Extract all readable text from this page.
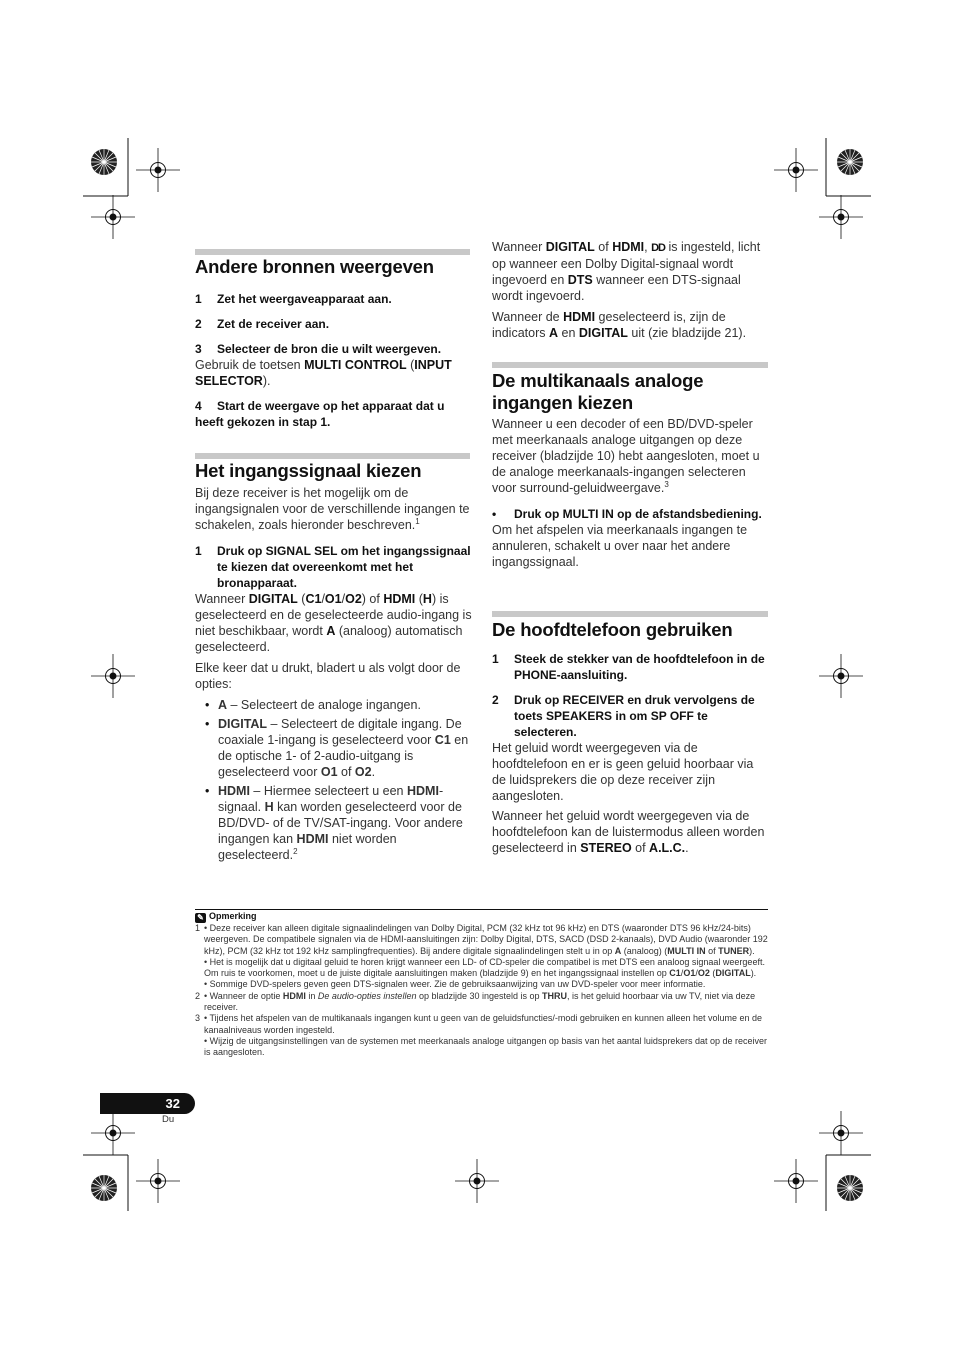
Andere bronnen weergeven
1 Zet het weergaveapparaat aan.
2 Zet de receiver aan.
3 Selecteer de bron die u wilt weergeven.
Gebruik de toetsen MULTI CONTROL (INPUT SELECTOR).
4 Start de weergave op het apparaat dat u heeft gekozen in stap 1.
Het ingangssignaal kiezen
Bij deze receiver is het mogelijk om de ingangsignalen voor de verschillende ingangen te schakelen, zoals hieronder beschreven.$^1$
1 Druk op SIGNAL SEL om het ingangssignaal te kiezen dat overeenkomt met het bronapparaat.
Wanneer DIGITAL (C1/O1/O2) of HDMI (H) is geselecteerd en de geselecteerde audio-ingang is niet beschikbaar, wordt A (analoog) automatisch geselecteerd.
Elke keer dat u drukt, bladert u als volgt door de opties:
• A – Selecteert de analoge ingangen.
• DIGITAL – Selecteert de digitale ingang. De coaxiale 1-ingang is geselecteerd voor C1 en de optische 1- of 2-audio-uitgang is geselecteerd voor O1 of O2.
• HDMI – Hiermee selecteert u een HDMI-signaal. H kan worden geselecteerd voor de BD/DVD- of de TV/SAT-ingang. Voor andere ingangen kan HDMI niet worden geselecteerd.$^2$
Wanneer DIGITAL of HDMI, DD is ingesteld, licht op wanneer een Dolby Digital-signaal wordt ingevoerd en DTS wanneer een DTS-signaal wordt ingevoerd.
Wanneer de HDMI geselecteerd is, zijn de indicators A en DIGITAL uit (zie bladzijde 21).
De multikanaals analoge ingangen kiezen
Wanneer u een decoder of een BD/DVD-speler met meerkanaals analoge uitgangen op deze receiver (bladzijde 10) hebt aangesloten, moet u de analoge meerkanaals-ingangen selecteren voor surround-geluidweergave.$^3$
• Druk op MULTI IN op de afstandsbediening.
Om het afspelen via meerkanaals ingangen te annuleren, schakelt u over naar het andere ingangssignaal.
De hoofdtelefoon gebruiken
1 Steek de stekker van de hoofdtelefoon in de PHONE-aansluiting.
2 Druk op RECEIVER en druk vervolgens de toets SPEAKERS in om SP OFF te selecteren.
Het geluid wordt weergegeven via de hoofdtelefoon en er is geen geluid hoorbaar via de luidsprekers die op deze receiver zijn aangesloten.
Wanneer het geluid wordt weergegeven via de hoofdtelefoon kan de luistermodus alleen worden geselecteerd in STEREO of A.L.C..
✎ Opmerking
1 • Deze receiver kan alleen digitale signaalindelingen van Dolby Digital, PCM (32 kHz tot 96 kHz) en DTS (waaronder DTS 96 kHz/24-bits) weergeven. De compatibele signalen via de HDMI-aansluitingen zijn: Dolby Digital, DTS, SACD (DSD 2-kanaals), DVD Audio (waaronder 192 kHz), PCM (32 kHz tot 192 kHz samplingfrequenties). Bij andere digitale signaalindelingen stelt u in op A (analoog) (MULTI IN of TUNER).
• Het is mogelijk dat u digitaal geluid te horen krijgt wanneer een LD- of CD-speler die compatibel is met DTS een analoog signaal weergeeft. Om ruis te voorkomen, moet u de juiste digitale aansluitingen maken (bladzijde 9) en het ingangssignaal instellen op C1/O1/O2 (DIGITAL).
• Sommige DVD-spelers geven geen DTS-signalen weer. Zie de gebruiksaanwijzing van uw DVD-speler voor meer informatie.
2 • Wanneer de optie HDMI in De audio-opties instellen op bladzijde 30 ingesteld is op THRU, is het geluid hoorbaar via uw TV, niet via deze receiver.
3 • Tijdens het afspelen van de multikanaals ingangen kunt u geen van de geluidsfuncties/-modi gebruiken en kunnen alleen het volume en de kanaalniveaus worden ingesteld.
• Wijzig de uitgangsinstellingen van de systemen met meerkanaals analoge uitgangen op basis van het aantal luidsprekers dat op de receiver is aangesloten.
32
Du
